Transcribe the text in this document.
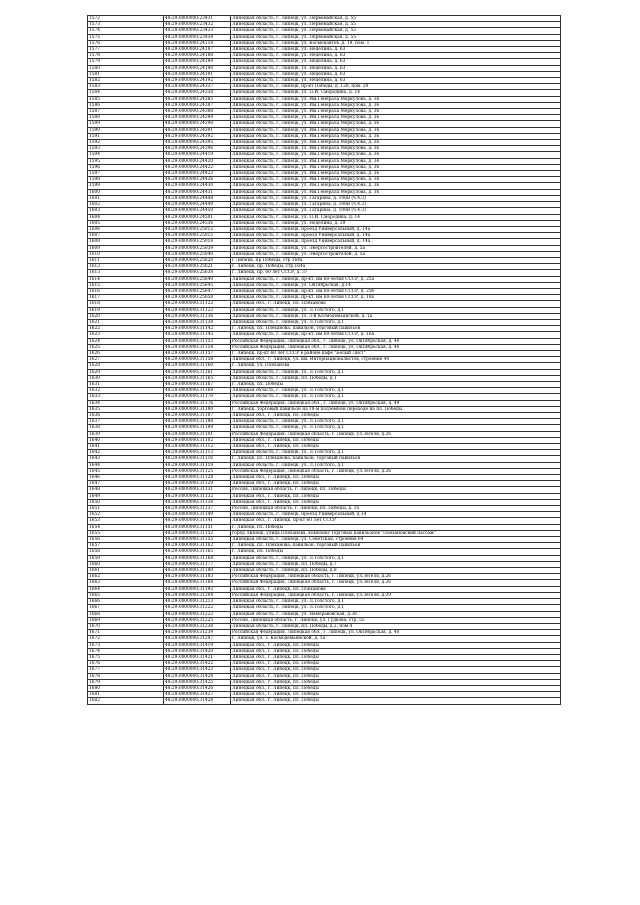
1572	48:29:0000000:23431	Липецкая область, г. Липецк, ул. Первомайская, д. 55
1573	48:29:0000000:23432	Липецкая область, г. Липецк, ул. Первомайская, д. 55
1574	48:29:0000000:23433	Липецкая область, г. Липецк, ул. Первомайская, д. 55
1575	48:29:0000000:23434	Липецкая область, г. Липецк, ул. Первомайская, д. 55
1576	48:29:0000000:24118	Липецкая область, г. Липецк, ул. Космонавтов, д. 19, пом. 1
1577	48:29:0000000:24187	Липецкая область, г. Липецк, ул. Неделина, д. 63
1578	48:29:0000000:24188	Липецкая область, г. Липецк, ул. Неделина, д. 63
1579	48:29:0000000:24189	Липецкая область, г. Липецк, ул. Неделина, д. 63
1580	48:29:0000000:24190	Липецкая область, г. Липецк, ул. Неделина, д. 63
1581	48:29:0000000:24191	Липецкая область, г. Липецк, ул. Неделина, д. 63
1582	48:29:0000000:24192	Липецкая область, г. Липецк, ул. Неделина, д. 63
1583	48:29:0000000:24337	Липецкая область, г. Липецк, пр-кт Победы, д. 128, пом. 20
1584	48:29:0000000:24338	Липецкая область, г. Липецк, ул. П.И. Смородина, д. 14
1585	48:29:0000000:24385	Липецкая область, г. Липецк, ул. Им.Генерала Меркулова, д. 36
1586	48:29:0000000:24387	Липецкая область, г. Липецк, ул. Им.Генерала Меркулова, д. 36
1587	48:29:0000000:24388	Липецкая область, г. Липецк, ул. Им.Генерала Меркулова, д. 36
1588	48:29:0000000:24389	Липецкая область, г. Липецк, ул. Им.Генерала Меркулова, д. 36
1589	48:29:0000000:24390	Липецкая область, г. Липецк, ул. Им.Генерала Меркулова, д. 36
1590	48:29:0000000:24391	Липецкая область, г. Липецк, ул. Им.Генерала Меркулова, д. 36
1591	48:29:0000000:24392	Липецкая область, г. Липецк, ул. Им.Генерала Меркулова, д. 36
1592	48:29:0000000:24395	Липецкая область, г. Липецк, ул. Им.Генерала Меркулова, д. 36
1593	48:29:0000000:24396	Липецкая область, г. Липецк, ул. Им.Генерала Меркулова, д. 36
1594	48:29:0000000:24419	Липецкая область, г. Липецк, ул. Им.Генерала Меркулова, д. 36
1595	48:29:0000000:24420	Липецкая область, г. Липецк, ул. Им.Генерала Меркулова, д. 36
1596	48:29:0000000:24422	Липецкая область, г. Липецк, ул. Им.Генерала Меркулова, д. 36
1597	48:29:0000000:24423	Липецкая область, г. Липецк, ул. Им.Генерала Меркулова, д. 36
1598	48:29:0000000:24426	Липецкая область, г. Липецк, ул. Им.Генерала Меркулова, д. 36
1599	48:29:0000000:24430	Липецкая область, г. Липецк, ул. Им.Генерала Меркулова, д. 36
1600	48:29:0000000:24431	Липецкая область, г. Липецк, ул. Им.Генерала Меркулова, д. 36
1601	48:29:0000000:24448	Липецкая область, г. Липецк, ул. Гагарина, д. 108В (ч.4.3)
1602	48:29:0000000:24449	Липецкая область, г. Липецк, ул. Гагарина, д. 108В (ч.4.3)
1603	48:29:0000000:24450	Липецкая область, г. Липецк, ул. Гагарина, д. 108В (ч.4.3)
1604	48:29:0000000:24501	Липецкая область, г. Липецк, ул. П.И. Смородина, д. 14
1605	48:29:0000000:24536	Липецкая область, г. Липецк, ул. Неделина, д. 29
1606	48:29:0000000:25012	Липецкая область, г. Липецк, проезд Универсальный, д. 14а
1607	48:29:0000000:25015	Липецкая область, г. Липецк, проезд Универсальный, д. 14а
1608	48:29:0000000:25018	Липецкая область, г. Липецк, проезд Универсальный, д. 14а
1609	48:29:0000000:25039	Липецкая область, г. Липецк, ул. Энергостроителей, д. 5а
1610	48:29:0000000:25040	Липецкая область, г. Липецк, ул. Энергостроителей, д. 5а
1611	48:29:0000000:25620	г Липецк, пр Победы, стр 164а
1612	48:29:0000000:25621	г. Липецк, пр. Победы, стр.164а
1613	48:29:0000000:25638	г. Липецк, пр. 60 лет СССР, д. 37
1614	48:29:0000000:25640	Липецкая область, г. Липецк, пр-кт. им 60-летия СССР, д. 25а
1615	48:29:0000000:25645	Липецкая область, г. Липецк, ул. Октябрьская, д.14
1616	48:29:0000000:25647	Липецкая область, г. Липецк, пр-кт. им 60-летия СССР, д. 25б
1617	48:29:0000000:25658	Липецкая область, г. Липецк, пр-кт. им 60-летия СССР, д. 18а
1618	48:29:0000000:31122	Липецкая обл., г. Липецк, пл. Плеханова
1619	48:29:0000000:31123	Липецкая область, г. Липецк, ул. Л.Толстого, д.1
1620	48:29:0000000:31136	Липецкая область, г. Липецк, ул. 3-й Космодемьянской, д. 1а
1621	48:29:0000000:31138	Липецкая область, г. Липецк, ул. Л.Толстого, д.1
1622	48:29:0000000:31142	г. Липецк, пл. Плеханова, павильон, торговый павильон
1623	48:29:0000000:31145	Липецкая область, г. Липецк, пр-кт. им 60-летия СССР, д. 16а
1624	48:29:0000000:31153	Российская Федерация, Липецкая обл., г. Липецк, ул. Октябрьская, д. 40
1625	48:29:0000000:31154	Российская Федерация, Липецкая обл., г. Липецк, ул. Октябрьская, д. 40
1626	48:29:0000000:31157	г. Липецк, пр-кт 60 лет СССР в районе кафе "Белый Лист"
1627	48:29:0000000:31158	Липецкая обл., г. Липецк, ул. им. Интернационалистов, строение 44
1628	48:29:0000000:31160	г. Липецк, ул. Плеханова
1629	48:29:0000000:31161	Липецкая область, г. Липецк, ул. Л.Толстого, д.1
1630	48:29:0000000:31165	Липецкая область, г. Липецк, пл. Победы, д.1
1631	48:29:0000000:31167	г. Липецк, пл. Победы
1632	48:29:0000000:31168	Липецкая область, г. Липецк, ул. Л.Толстого, д.1
1633	48:29:0000000:31170	Липецкая область, г. Липецк, ул. Л.Толстого, д.1
1634	48:29:0000000:31176	Российская Федерация, Липецкая обл., г. Липецк, ул. Октябрьская, д. 49
1635	48:29:0000000:31180	г. Липецк, торговый павильон на 18-м подземном переходе на пл. Победы
1636	48:29:0000000:31187	Липецкая обл., г. Липецк, пл. Победы
1637	48:29:0000000:31188	Липецкая область, г. Липецк, ул. Л.Толстого, д.1
1638	48:29:0000000:31189	Липецкая область, г. Липецк, ул. Л.Толстого, д.1
1639	48:29:0000000:31101	Российская Федерация, Липецкая область, г. Липецк, ул.Зегеля, д.26
1640	48:29:0000000:31102	Липецкая обл., г. Липецк, пл. Победы
1641	48:29:0000000:31112	Липецкая обл., г. Липецк, пл. Победы
1642	48:29:0000000:31113	Липецкая область, г. Липецк, ул. Л.Толстого, д.1
1643	48:29:0000000:31116	г. Липецк, пл. Плеханова, павильон, торговый павильон
1644	48:29:0000000:31119	Липецкая область, г. Липецк, ул. Л.Толстого, д.1
1645	48:29:0000000:31125	Российская Федерация, Липецкая область, г. Липецк, ул.Зегеля, д.26
1646	48:29:0000000:31128	Липецкая обл., г. Липецк, пл. Победы
1647	48:29:0000000:31129	Липецкая обл., г. Липецк, пл. Победы
1648	48:29:0000000:31131	Россия, Липецкая область, г. Липецк, пл. Победы
1649	48:29:0000000:31132	Липецкая обл., г. Липецк, пл. Победы
1650	48:29:0000000:31138	Липецкая обл., г. Липецк, пл. Победы
1651	48:29:0000000:31137	Россия, Липецкая область, г. Липецк, пл. Победы, д. 35
1652	48:29:0000000:31140	Липецкая область, г. Липецк, проезд Универсальный, д.14
1653	48:29:0000000:31141	Липецкая обл., г. Липецк, пр-кт 60 Лет СССР
1654	48:29:0000000:31151	г. Липецк, пл. Победы
1655	48:29:0000000:31152	город Липецк, улица Плеханова, комплекс торговых павильонов "Плехановский пассаж"
1656	48:29:0000000:31155	Липецкая область, г. Липецк, ул. Советская, строение 64
1657	48:29:0000000:31162	г. Липецк, пл. Плеханова, павильон, торговый павильон
1658	48:29:0000000:31165	г. Липецк, пл. Победы
1659	48:29:0000000:31168	Липецкая область, г. Липецк, ул. Л.Толстого, д.1
1660	48:29:0000000:31177	Липецкая область, г. Липецк, пл. Победы, д.7
1661	48:29:0000000:31180	Липецкая область, г. Липецк, пл. Победы, д.8
1662	48:29:0000000:31183	Российская Федерация, Липецкая область, г. Липецк, ул.Зегеля, д.26
1663	48:29:0000000:31184	Российская Федерация, Липецкая область, г. Липецк, ул.Зегеля, д.26
1664	48:29:0000000:31192	Липецкая обл., г. Липецк, пл. Плеханова
1665	48:29:0000000:31204	Российская Федерация, Липецкая область, г. Липецк, ул.Зегеля, д.29
1666	48:29:0000000:31213	Липецкая область, г. Липецк, ул. Л.Толстого, д.1
1667	48:29:0000000:31222	Липецкая область, г. Липецк, ул. Л.Толстого, д.1
1668	48:29:0000000:31223	Липецкая область, г. Липецк, ул. Неморавовская, д.38
1669	48:29:0000000:31225	Россия, Липецкая область, г. Липецк, ул. Гудкова, стр. 55
1670	48:29:0000000:31238	Липецкая область, г. Липецк, пл. Победы, д.2, пом.4
1671	48:29:0000000:31239	Российская Федерация, Липецкая обл., г. Липецк, ул. Октябрьская, д. 40
1672	48:29:0000000:31247	г. Липецк, ул. З. Космодемьянской, д. 1а
1673	48:29:0000000:31419	Липецкая обл., г. Липецк, пл. Победы
1674	48:29:0000000:31420	Липецкая обл., г. Липецк, пл. Победы
1675	48:29:0000000:31421	Липецкая обл., г. Липецк, пл. Победы
1676	48:29:0000000:31422	Липецкая обл., г. Липецк, пл. Победы
1677	48:29:0000000:31423	Липецкая обл., г. Липецк, пл. Победы
1678	48:29:0000000:31424	Липецкая обл., г. Липецк, пл. Победы
1679	48:29:0000000:31425	Липецкая обл., г. Липецк, пл. Победы
1680	48:29:0000000:31426	Липецкая обл., г. Липецк, пл. Победы
1681	48:29:0000000:31427	Липецкая обл., г. Липецк, пл. Победы
1682	48:29:0000000:31428	Липецкая обл., г. Липецк, пл. Победы
